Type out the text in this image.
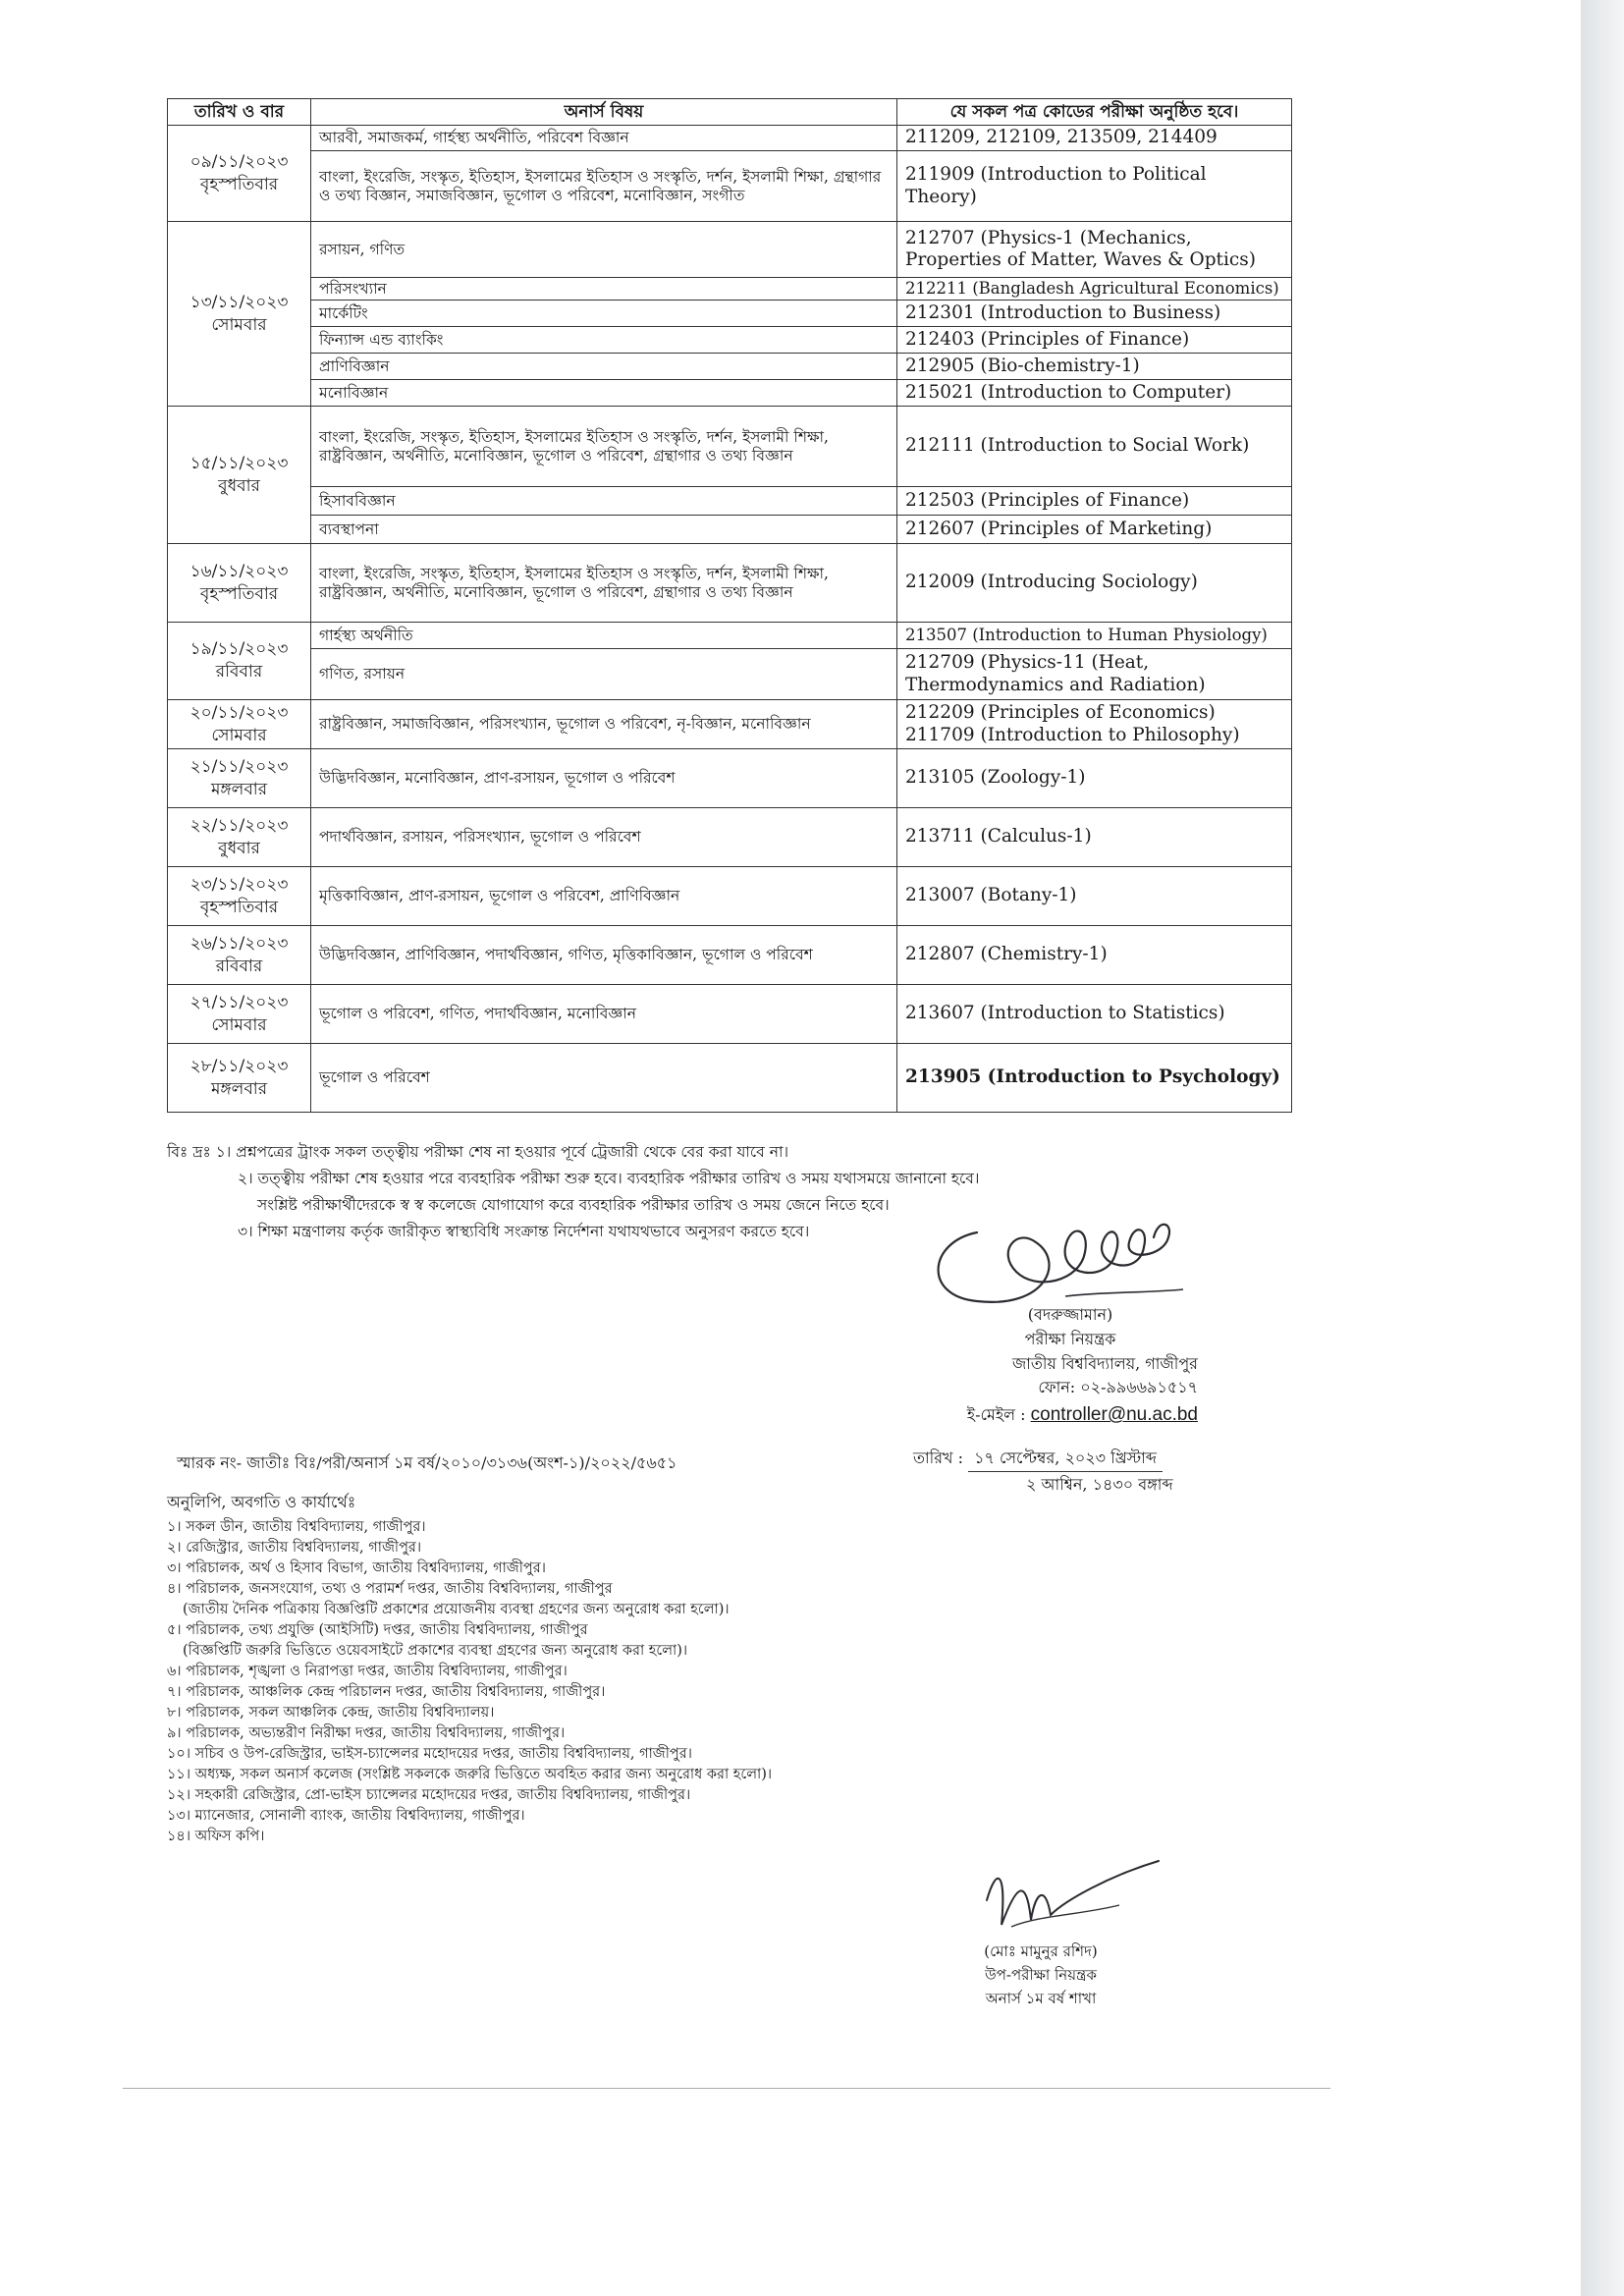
তারিখ ও বার	অনার্স বিষয়	যে সকল পত্র কোডের পরীক্ষা অনুষ্ঠিত হবে।
০৯/১১/২০২৩
বৃহস্পতিবার	আরবী, সমাজকর্ম, গার্হস্থ্য অর্থনীতি, পরিবেশ বিজ্ঞান	211209, 212109, 213509, 214409
	বাংলা, ইংরেজি, সংস্কৃত, ইতিহাস, ইসলামের ইতিহাস ও সংস্কৃতি, দর্শন, ইসলামী শিক্ষা, গ্রন্থাগার ও তথ্য বিজ্ঞান, সমাজবিজ্ঞান, ভূগোল ও পরিবেশ, মনোবিজ্ঞান, সংগীত	211909 (Introduction to Political Theory)
১৩/১১/২০২৩
সোমবার	রসায়ন, গণিত	212707 (Physics-1 (Mechanics, Properties of Matter, Waves & Optics)
	পরিসংখ্যান	212211 (Bangladesh Agricultural Economics)
	মার্কেটিং	212301 (Introduction to Business)
	ফিন্যান্স এন্ড ব্যাংকিং	212403 (Principles of Finance)
	প্রাণিবিজ্ঞান	212905 (Bio-chemistry-1)
	মনোবিজ্ঞান	215021 (Introduction to Computer)
১৫/১১/২০২৩
বুধবার	বাংলা, ইংরেজি, সংস্কৃত, ইতিহাস, ইসলামের ইতিহাস ও সংস্কৃতি, দর্শন, ইসলামী শিক্ষা, রাষ্ট্রবিজ্ঞান, অর্থনীতি, মনোবিজ্ঞান, ভূগোল ও পরিবেশ, গ্রন্থাগার ও তথ্য বিজ্ঞান	212111 (Introduction to Social Work)
	হিসাববিজ্ঞান	212503 (Principles of Finance)
	ব্যবস্থাপনা	212607 (Principles of Marketing)
১৬/১১/২০২৩
বৃহস্পতিবার	বাংলা, ইংরেজি, সংস্কৃত, ইতিহাস, ইসলামের ইতিহাস ও সংস্কৃতি, দর্শন, ইসলামী শিক্ষা, রাষ্ট্রবিজ্ঞান, অর্থনীতি, মনোবিজ্ঞান, ভূগোল ও পরিবেশ, গ্রন্থাগার ও তথ্য বিজ্ঞান	212009 (Introducing Sociology)
১৯/১১/২০২৩
রবিবার	গার্হস্থ্য অর্থনীতি	213507 (Introduction to Human Physiology)
	গণিত, রসায়ন	212709 (Physics-11 (Heat, Thermodynamics and Radiation)
২০/১১/২০২৩
সোমবার	রাষ্ট্রবিজ্ঞান, সমাজবিজ্ঞান, পরিসংখ্যান, ভূগোল ও পরিবেশ, নৃ-বিজ্ঞান, মনোবিজ্ঞান	212209 (Principles of Economics)
211709 (Introduction to Philosophy)
২১/১১/২০২৩
মঙ্গলবার	উদ্ভিদবিজ্ঞান, মনোবিজ্ঞান, প্রাণ-রসায়ন, ভূগোল ও পরিবেশ	213105 (Zoology-1)
২২/১১/২০২৩
বুধবার	পদার্থবিজ্ঞান, রসায়ন, পরিসংখ্যান, ভূগোল ও পরিবেশ	213711 (Calculus-1)
২৩/১১/২০২৩
বৃহস্পতিবার	মৃত্তিকাবিজ্ঞান, প্রাণ-রসায়ন, ভূগোল ও পরিবেশ, প্রাণিবিজ্ঞান	213007 (Botany-1)
২৬/১১/২০২৩
রবিবার	উদ্ভিদবিজ্ঞান, প্রাণিবিজ্ঞান, পদার্থবিজ্ঞান, গণিত, মৃত্তিকাবিজ্ঞান, ভূগোল ও পরিবেশ	212807 (Chemistry-1)
২৭/১১/২০২৩
সোমবার	ভূগোল ও পরিবেশ, গণিত, পদার্থবিজ্ঞান, মনোবিজ্ঞান	213607 (Introduction to Statistics)
২৮/১১/২০২৩
মঙ্গলবার	ভূগোল ও পরিবেশ	213905 (Introduction to Psychology)
বিঃ দ্রঃ ১। প্রশ্নপত্রের ট্রাংক সকল তত্ত্বীয় পরীক্ষা শেষ না হওয়ার পূর্বে ট্রেজারী থেকে বের করা যাবে না।
২। তত্ত্বীয় পরীক্ষা শেষ হওয়ার পরে ব্যবহারিক পরীক্ষা শুরু হবে। ব্যবহারিক পরীক্ষার তারিখ ও সময় যথাসময়ে জানানো হবে।
সংশ্লিষ্ট পরীক্ষার্থীদেরকে স্ব স্ব কলেজে যোগাযোগ করে ব্যবহারিক পরীক্ষার তারিখ ও সময় জেনে নিতে হবে।
৩। শিক্ষা মন্ত্রণালয় কর্তৃক জারীকৃত স্বাস্থ্যবিধি সংক্রান্ত নির্দেশনা যথাযথভাবে অনুসরণ করতে হবে।
(বদরুজ্জামান)
পরীক্ষা নিয়ন্ত্রক
জাতীয় বিশ্ববিদ্যালয়, গাজীপুর
ফোন: ০২-৯৯৬৬৯১৫১৭
ই-মেইল : controller@nu.ac.bd
স্মারক নং- জাতীঃ বিঃ/পরী/অনার্স ১ম বর্ষ/২০১০/৩১৩৬(অংশ-১)/২০২২/৫৬৫১	তারিখ : ১৭ সেপ্টেম্বর, ২০২৩ খ্রিস্টাব্দ
২ আশ্বিন, ১৪৩০ বঙ্গাব্দ
অনুলিপি, অবগতি ও কার্যার্থেঃ
১। সকল ডীন, জাতীয় বিশ্ববিদ্যালয়, গাজীপুর।
২। রেজিস্ট্রার, জাতীয় বিশ্ববিদ্যালয়, গাজীপুর।
৩। পরিচালক, অর্থ ও হিসাব বিভাগ, জাতীয় বিশ্ববিদ্যালয়, গাজীপুর।
৪। পরিচালক, জনসংযোগ, তথ্য ও পরামর্শ দপ্তর, জাতীয় বিশ্ববিদ্যালয়, গাজীপুর
(জাতীয় দৈনিক পত্রিকায় বিজ্ঞপ্তিটি প্রকাশের প্রয়োজনীয় ব্যবস্থা গ্রহণের জন্য অনুরোধ করা হলো)।
৫। পরিচালক, তথ্য প্রযুক্তি (আইসিটি) দপ্তর, জাতীয় বিশ্ববিদ্যালয়, গাজীপুর
(বিজ্ঞপ্তিটি জরুরি ভিত্তিতে ওয়েবসাইটে প্রকাশের ব্যবস্থা গ্রহণের জন্য অনুরোধ করা হলো)।
৬। পরিচালক, শৃঙ্খলা ও নিরাপত্তা দপ্তর, জাতীয় বিশ্ববিদ্যালয়, গাজীপুর।
৭। পরিচালক, আঞ্চলিক কেন্দ্র পরিচালন দপ্তর, জাতীয় বিশ্ববিদ্যালয়, গাজীপুর।
৮। পরিচালক, সকল আঞ্চলিক কেন্দ্র, জাতীয় বিশ্ববিদ্যালয়।
৯। পরিচালক, অভ্যন্তরীণ নিরীক্ষা দপ্তর, জাতীয় বিশ্ববিদ্যালয়, গাজীপুর।
১০। সচিব ও উপ-রেজিস্ট্রার, ভাইস-চ্যান্সেলর মহোদয়ের দপ্তর, জাতীয় বিশ্ববিদ্যালয়, গাজীপুর।
১১। অধ্যক্ষ, সকল অনার্স কলেজ (সংশ্লিষ্ট সকলকে জরুরি ভিত্তিতে অবহিত করার জন্য অনুরোধ করা হলো)।
১২। সহকারী রেজিস্ট্রার, প্রো-ভাইস চ্যান্সেলর মহোদয়ের দপ্তর, জাতীয় বিশ্ববিদ্যালয়, গাজীপুর।
১৩। ম্যানেজার, সোনালী ব্যাংক, জাতীয় বিশ্ববিদ্যালয়, গাজীপুর।
১৪। অফিস কপি।
(মোঃ মামুনুর রশিদ)
উপ-পরীক্ষা নিয়ন্ত্রক
অনার্স ১ম বর্ষ শাখা
